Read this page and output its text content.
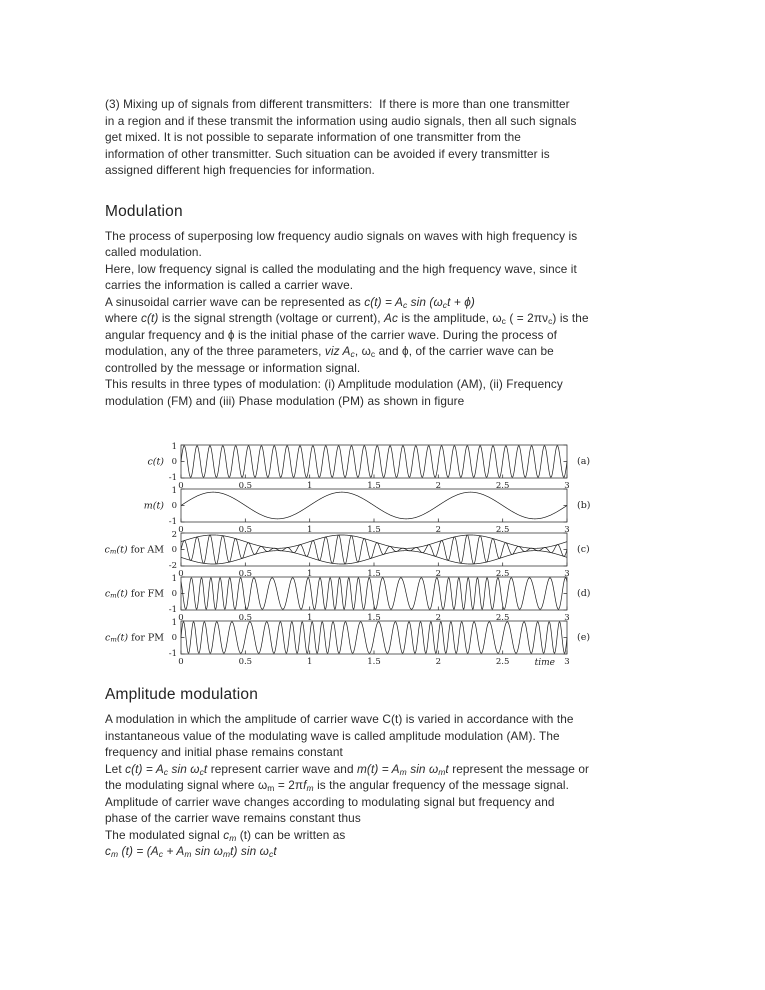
(3) Mixing up of signals from different transmitters:  If there is more than one transmitter
in a region and if these transmit the information using audio signals, then all such signals
get mixed. It is not possible to separate information of one transmitter from the
information of other transmitter. Such situation can be avoided if every transmitter is
assigned different high frequencies for information.
Modulation
The process of superposing low frequency audio signals on waves with high frequency is
called modulation.
Here, low frequency signal is called the modulating and the high frequency wave, since it
carries the information is called a carrier wave.
A sinusoidal carrier wave can be represented as $c(t) = A_c$ $\sin (\omega_ct + \phi)$
where c(t) is the signal strength (voltage or current), Ac is the amplitude, $\omega_c$ ( = $2\pi\nu_c$) is the
angular frequency and ϕ is the initial phase of the carrier wave. During the process of
modulation, any of the three parameters, viz $A_c$, $\omega_c$ and ϕ, of the carrier wave can be
controlled by the message or information signal.
This results in three types of modulation: (i) Amplitude modulation (AM), (ii) Frequency
modulation (FM) and (iii) Phase modulation (PM) as shown in figure
1
0
-1
c(t)	(a)
0	0.5	1	1.5	2	2.5	3
1
0
-1
m(t)	(b)
0	0.5	1	1.5	2	2.5	3
2
0
-2
$c_m(t)$ for AM	(c)
0	0.5	1	1.5	2	2.5	3
1
0
-1
$c_m(t)$ for FM	(d)
0	0.5	1	1.5	2	2.5	3
1
0
-1
$c_m(t)$ for PM	(e)
0	0.5	1	1.5	2	2.5	3
time
Amplitude modulation
A modulation in which the amplitude of carrier wave C(t) is varied in accordance with the
instantaneous value of the modulating wave is called amplitude modulation (AM). The
frequency and initial phase remains constant
Let $c(t) = A_c$ $\sin \omega_ct$ represent carrier wave and $m(t) = A_m$ $\sin \omega_mt$ represent the message or
the modulating signal where $\omega_m = 2\pi f_m$ is the angular frequency of the message signal.
Amplitude of carrier wave changes according to modulating signal but frequency and
phase of the carrier wave remains constant thus
The modulated signal $c_m$ (t) can be written as
$c_m$ $(t) = (A_c + A_m$ $\sin \omega_mt$) $\sin \omega_ct$
